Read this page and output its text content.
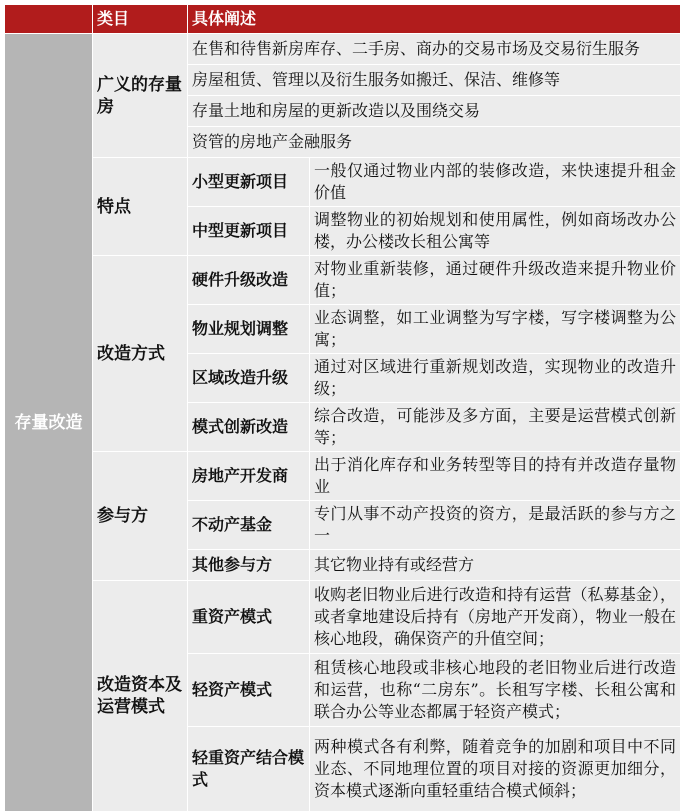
	类目	具体阐述	
存量改造	广义的存量房	在售和待售新房库存、二手房、商办的交易市场及交易衍生服务	
		房屋租赁、管理以及衍生服务如搬迁、保洁、维修等	
		存量土地和房屋的更新改造以及围绕交易	
		资管的房地产金融服务	
	特点	小型更新项目	一般仅通过物业内部的装修改造，来快速提升租金价值
		中型更新项目	调整物业的初始规划和使用属性，例如商场改办公楼，办公楼改长租公寓等
	改造方式	硬件升级改造	对物业重新装修，通过硬件升级改造来提升物业价值；
		物业规划调整	业态调整，如工业调整为写字楼，写字楼调整为公寓；
		区域改造升级	通过对区域进行重新规划改造，实现物业的改造升级；
		模式创新改造	综合改造，可能涉及多方面，主要是运营模式创新等；
	参与方	房地产开发商	出于消化库存和业务转型等目的持有并改造存量物业
		不动产基金	专门从事不动产投资的资方，是最活跃的参与方之一
		其他参与方	其它物业持有或经营方
	改造资本及运营模式	重资产模式	收购老旧物业后进行改造和持有运营（私募基金），或者拿地建设后持有（房地产开发商），物业一般在核心地段，确保资产的升值空间；
		轻资产模式	租赁核心地段或非核心地段的老旧物业后进行改造和运营，也称“二房东”。长租写字楼、长租公寓和联合办公等业态都属于轻资产模式；
		轻重资产结合模式	两种模式各有利弊，随着竞争的加剧和项目中不同业态、不同地理位置的项目对接的资源更加细分，资本模式逐渐向重轻重结合模式倾斜；
